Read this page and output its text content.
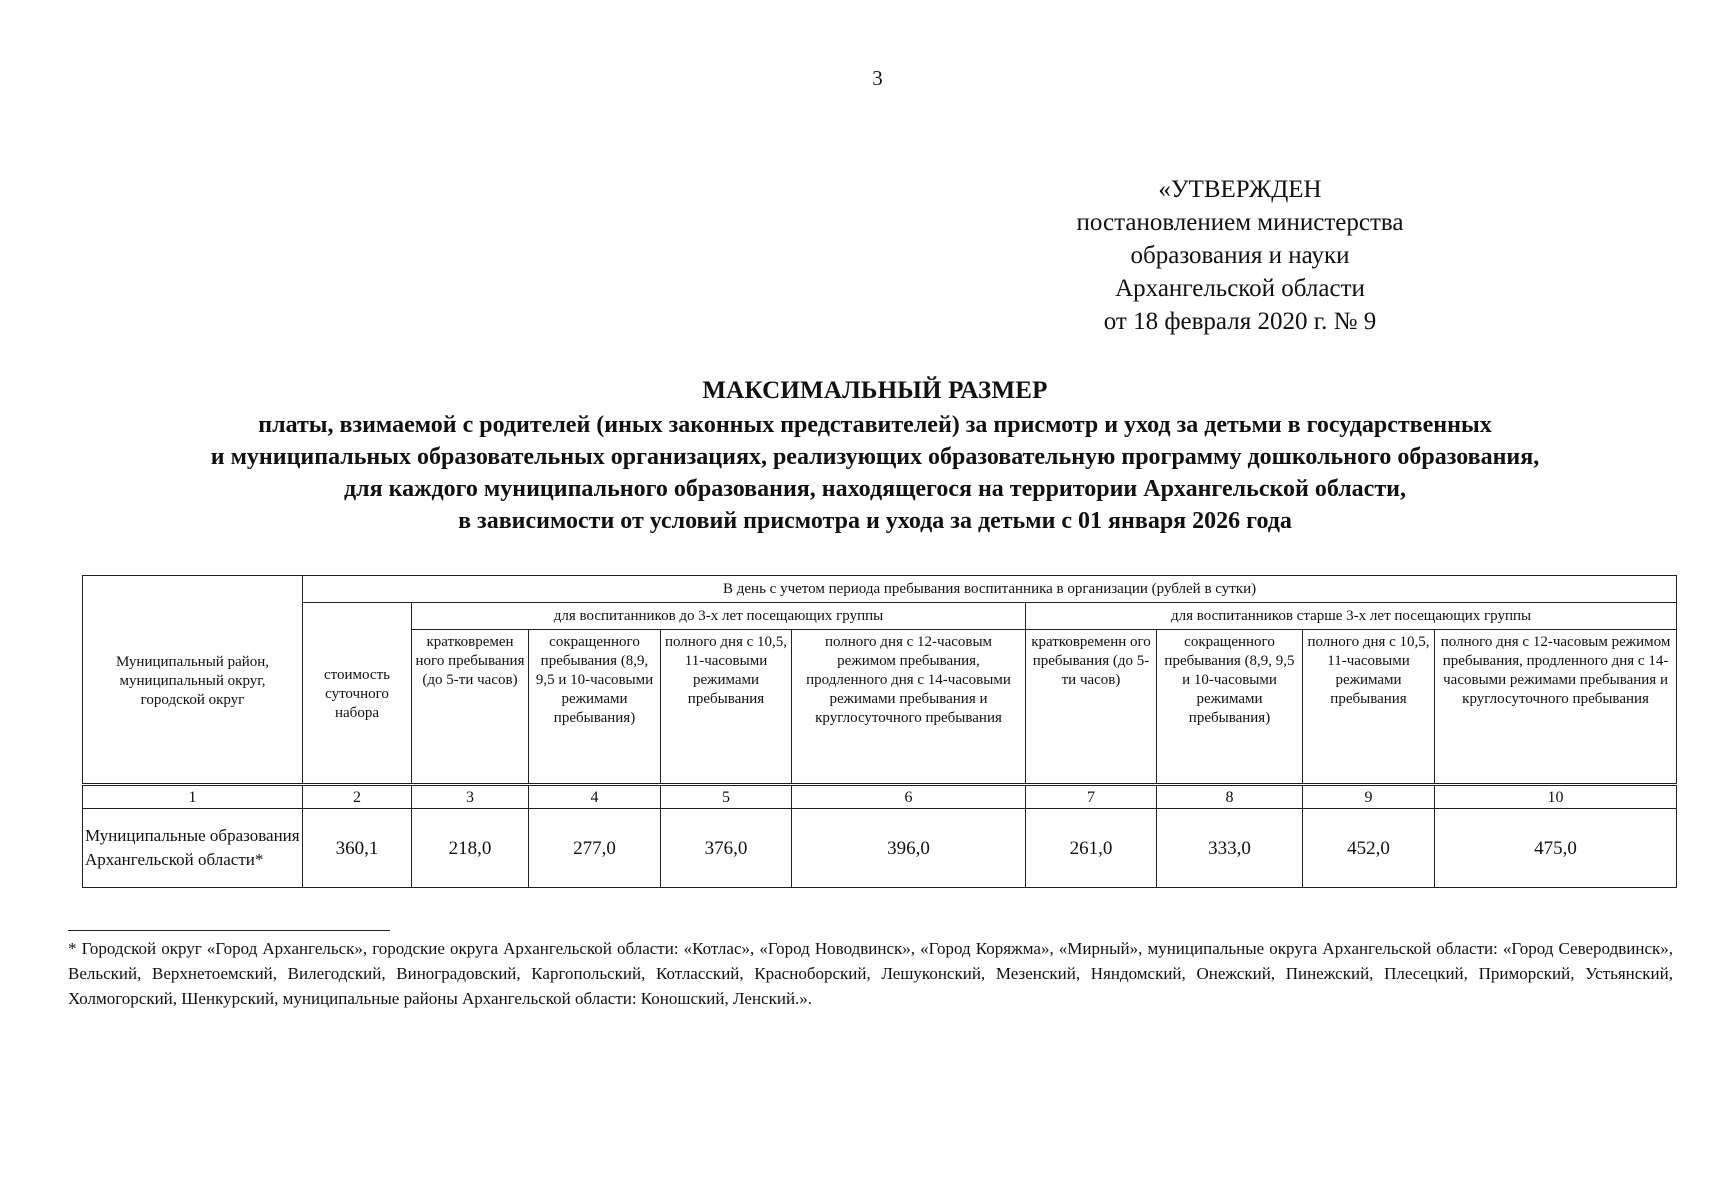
3
«УТВЕРЖДЕН
постановлением министерства
образования и науки
Архангельской области
от 18 февраля 2020 г. № 9
МАКСИМАЛЬНЫЙ РАЗМЕР
платы, взимаемой с родителей (иных законных представителей) за присмотр и уход за детьми в государственных
и муниципальных образовательных организациях, реализующих образовательную программу дошкольного образования,
для каждого муниципального образования, находящегося на территории Архангельской области,
в зависимости от условий присмотра и ухода за детьми с 01 января 2026 года
Муниципальный район, муниципальный округ, городской округ	В день с учетом периода пребывания воспитанника в организации (рублей в сутки)								
	стоимость суточного набора	для воспитанников до 3-х лет посещающих группы				для воспитанников старше 3-х лет посещающих группы			
		кратковремен ного пребывания (до 5-ти часов)	сокращенного пребывания (8,9, 9,5 и 10-часовыми режимами пребывания)	полного дня с 10,5, 11-часовыми режимами пребывания	полного дня с 12-часовым режимом пребывания, продленного дня с 14-часовыми режимами пребывания и круглосуточного пребывания	кратковременн ого пребывания (до 5-ти часов)	сокращенного пребывания (8,9, 9,5 и 10-часовыми режимами пребывания)	полного дня с 10,5, 11-часовыми режимами пребывания	полного дня с 12-часовым режимом пребывания, продленного дня с 14-часовыми режимами пребывания и круглосуточного пребывания
1	2	3	4	5	6	7	8	9	10
Муниципальные образования Архангельской области*	360,1	218,0	277,0	376,0	396,0	261,0	333,0	452,0	475,0
* Городской округ «Город Архангельск», городские округа Архангельской области: «Котлас», «Город Новодвинск», «Город Коряжма», «Мирный», муниципальные округа Архангельской области: «Город Северодвинск», Вельский, Верхнетоемский, Вилегодский, Виноградовский, Каргопольский, Котласский, Красноборский, Лешуконский, Мезенский, Няндомский, Онежский, Пинежский, Плесецкий, Приморский, Устьянский, Холмогорский, Шенкурский, муниципальные районы Архангельской области: Коношский, Ленский.».
